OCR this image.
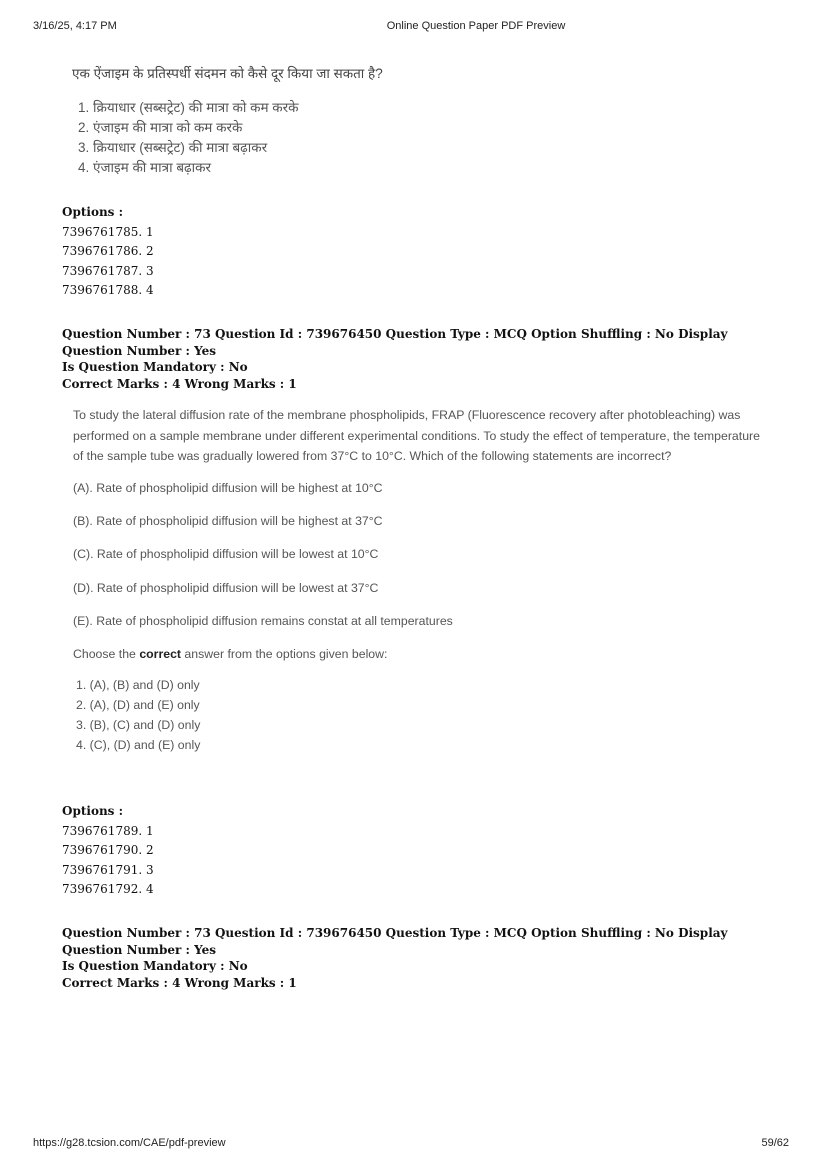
3/16/25, 4:17 PM	Online Question Paper PDF Preview
एक ऐंजाइम के प्रतिस्पर्धी संदमन को कैसे दूर किया जा सकता है?
1. क्रियाधार (सब्सट्रेट) की मात्रा को कम करके
2. एंजाइम की मात्रा को कम करके
3. क्रियाधार (सब्सट्रेट) की मात्रा बढ़ाकर
4. एंजाइम की मात्रा बढ़ाकर
Options :
7396761785. 1
7396761786. 2
7396761787. 3
7396761788. 4
Question Number : 73 Question Id : 739676450 Question Type : MCQ Option Shuffling : No Display Question Number : Yes
Is Question Mandatory : No
Correct Marks : 4 Wrong Marks : 1
To study the lateral diffusion rate of the membrane phospholipids, FRAP (Fluorescence recovery after photobleaching) was performed on a sample membrane under different experimental conditions. To study the effect of temperature, the temperature of the sample tube was gradually lowered from 37°C to 10°C. Which of the following statements are incorrect?
(A). Rate of phospholipid diffusion will be highest at 10°C
(B). Rate of phospholipid diffusion will be highest at 37°C
(C). Rate of phospholipid diffusion will be lowest at 10°C
(D). Rate of phospholipid diffusion will be lowest at 37°C
(E). Rate of phospholipid diffusion remains constat at all temperatures
Choose the correct answer from the options given below:
1. (A), (B) and (D) only
2. (A), (D) and (E) only
3. (B), (C) and (D) only
4. (C), (D) and (E) only
Options :
7396761789. 1
7396761790. 2
7396761791. 3
7396761792. 4
Question Number : 73 Question Id : 739676450 Question Type : MCQ Option Shuffling : No Display Question Number : Yes
Is Question Mandatory : No
Correct Marks : 4 Wrong Marks : 1
https://g28.tcsion.com/CAE/pdf-preview	59/62
